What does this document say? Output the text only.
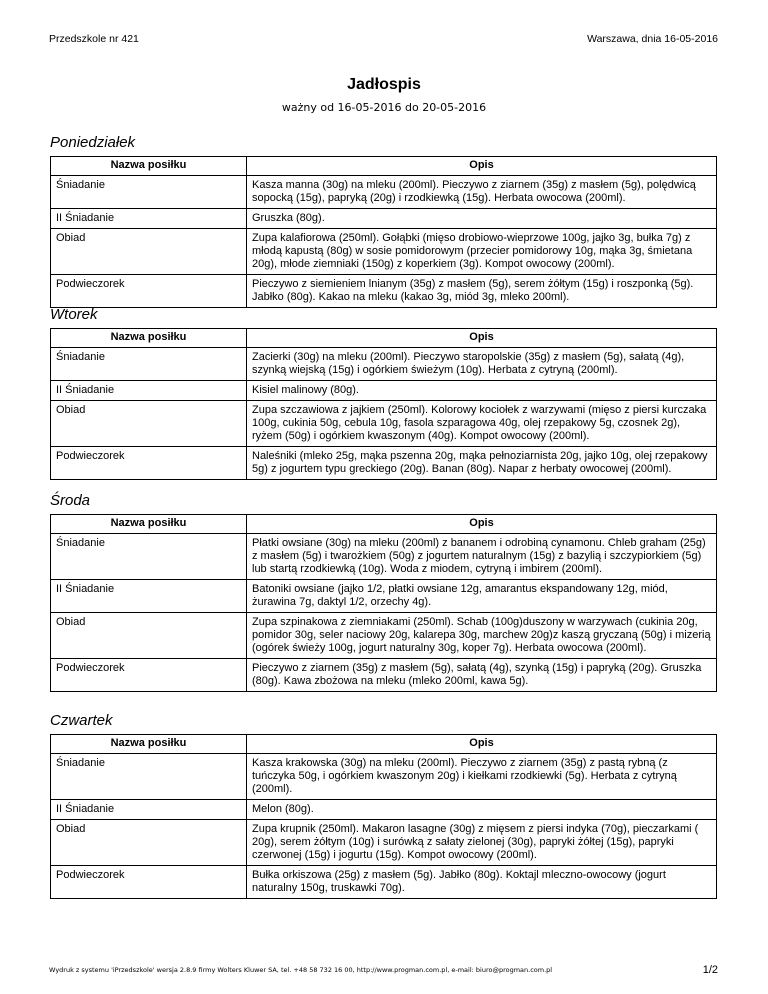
Przedszkole nr 421	Warszawa, dnia 16-05-2016
Jadłospis
ważny od 16-05-2016 do 20-05-2016
Poniedziałek
Nazwa posiłku	Opis
Śniadanie	Kasza manna (30g) na mleku (200ml). Pieczywo z ziarnem (35g) z masłem (5g), polędwicą sopocką (15g), papryką (20g) i rzodkiewką (15g). Herbata owocowa (200ml).
II Śniadanie	Gruszka (80g).
Obiad	Zupa kalafiorowa (250ml). Gołąbki (mięso drobiowo-wieprzowe 100g, jajko 3g, bułka 7g) z młodą kapustą (80g) w sosie pomidorowym (przecier pomidorowy 10g, mąka 3g, śmietana 20g), młode ziemniaki (150g) z koperkiem (3g). Kompot owocowy (200ml).
Podwieczorek	Pieczywo z siemieniem lnianym (35g) z masłem (5g), serem żółtym (15g) i roszponką (5g). Jabłko (80g). Kakao na mleku (kakao 3g, miód 3g, mleko 200ml).
Wtorek
Nazwa posiłku	Opis
Śniadanie	Zacierki (30g) na mleku (200ml). Pieczywo staropolskie (35g) z masłem (5g), sałatą (4g), szynką wiejską (15g) i ogórkiem świeżym (10g). Herbata z cytryną (200ml).
II Śniadanie	Kisiel malinowy (80g).
Obiad	Zupa szczawiowa z jajkiem (250ml). Kolorowy kociołek z warzywami (mięso z piersi kurczaka 100g, cukinia 50g, cebula 10g, fasola szparagowa 40g, olej rzepakowy 5g, czosnek 2g), ryżem (50g) i ogórkiem kwaszonym (40g). Kompot owocowy (200ml).
Podwieczorek	Naleśniki (mleko 25g, mąka pszenna 20g, mąka pełnoziarnista 20g, jajko 10g, olej rzepakowy 5g) z jogurtem typu greckiego (20g). Banan (80g). Napar z herbaty owocowej (200ml).
Środa
Nazwa posiłku	Opis
Śniadanie	Płatki owsiane (30g) na mleku (200ml) z bananem i odrobiną cynamonu. Chleb graham (25g) z masłem (5g) i twarożkiem (50g) z jogurtem naturalnym (15g) z bazylią i szczypiorkiem (5g) lub startą rzodkiewką (10g). Woda z miodem, cytryną i imbirem (200ml).
II Śniadanie	Batoniki owsiane (jajko 1/2, płatki owsiane 12g, amarantus ekspandowany 12g, miód, żurawina 7g, daktyl 1/2, orzechy 4g).
Obiad	Zupa szpinakowa z ziemniakami (250ml). Schab (100g)duszony w warzywach (cukinia 20g, pomidor 30g, seler naciowy 20g, kalarepa 30g, marchew 20g)z kaszą gryczaną (50g) i mizerią (ogórek świeży 100g, jogurt naturalny 30g, koper 7g). Herbata owocowa (200ml).
Podwieczorek	Pieczywo z ziarnem (35g) z masłem (5g), sałatą (4g), szynką (15g) i papryką (20g). Gruszka (80g). Kawa zbożowa na mleku (mleko 200ml, kawa 5g).
Czwartek
Nazwa posiłku	Opis
Śniadanie	Kasza krakowska (30g) na mleku (200ml). Pieczywo z ziarnem (35g) z pastą rybną (z tuńczyka 50g, i ogórkiem kwaszonym 20g) i kiełkami rzodkiewki (5g). Herbata z cytryną (200ml).
II Śniadanie	Melon (80g).
Obiad	Zupa krupnik (250ml). Makaron lasagne (30g) z mięsem z piersi indyka (70g), pieczarkami ( 20g), serem żółtym (10g) i surówką z sałaty zielonej (30g), papryki żółtej (15g), papryki czerwonej (15g) i jogurtu (15g). Kompot owocowy (200ml).
Podwieczorek	Bułka orkiszowa (25g) z masłem (5g). Jabłko (80g). Koktajl mleczno-owocowy (jogurt naturalny 150g, truskawki 70g).
Wydruk z systemu 'iPrzedszkole' wersja 2.8.9 firmy Wolters Kluwer SA, tel. +48 58 732 16 00, http://www.progman.com.pl, e-mail: biuro@progman.com.pl	1/2
